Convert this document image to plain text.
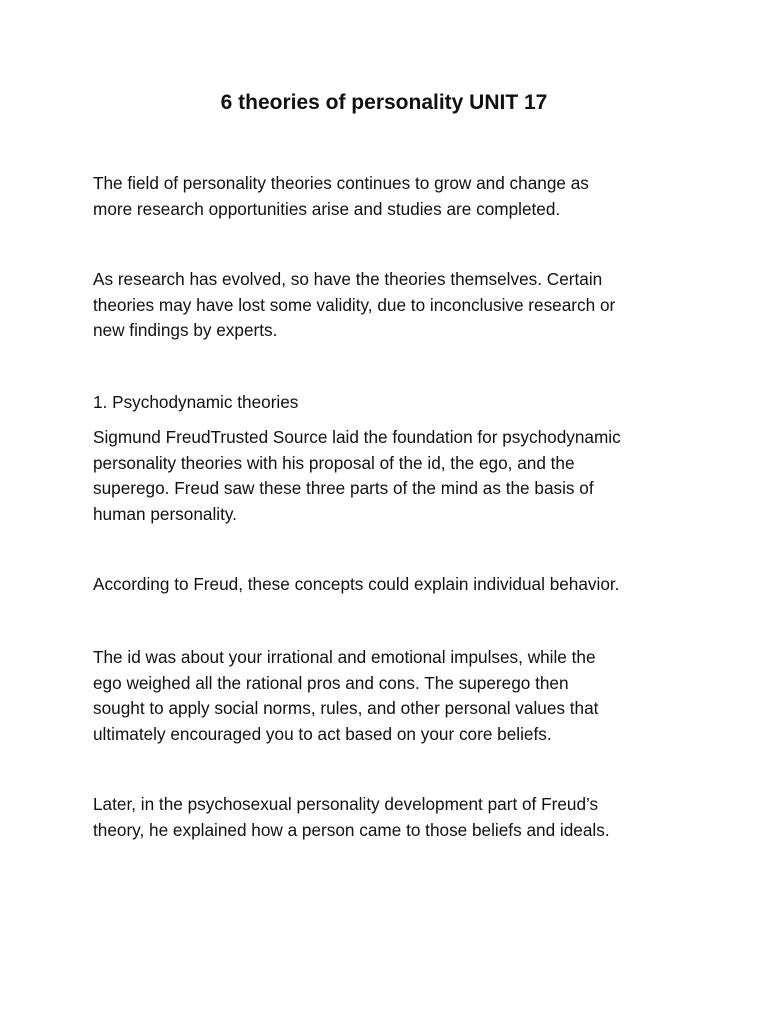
6 theories of personality UNIT 17

The field of personality theories continues to grow and change as
more research opportunities arise and studies are completed.

As research has evolved, so have the theories themselves. Certain
theories may have lost some validity, due to inconclusive research or
new findings by experts.

1. Psychodynamic theories

Sigmund FreudTrusted Source laid the foundation for psychodynamic
personality theories with his proposal of the id, the ego, and the
superego. Freud saw these three parts of the mind as the basis of
human personality.

According to Freud, these concepts could explain individual behavior.

The id was about your irrational and emotional impulses, while the
ego weighed all the rational pros and cons. The superego then
sought to apply social norms, rules, and other personal values that
ultimately encouraged you to act based on your core beliefs.

Later, in the psychosexual personality development part of Freud’s
theory, he explained how a person came to those beliefs and ideals.
